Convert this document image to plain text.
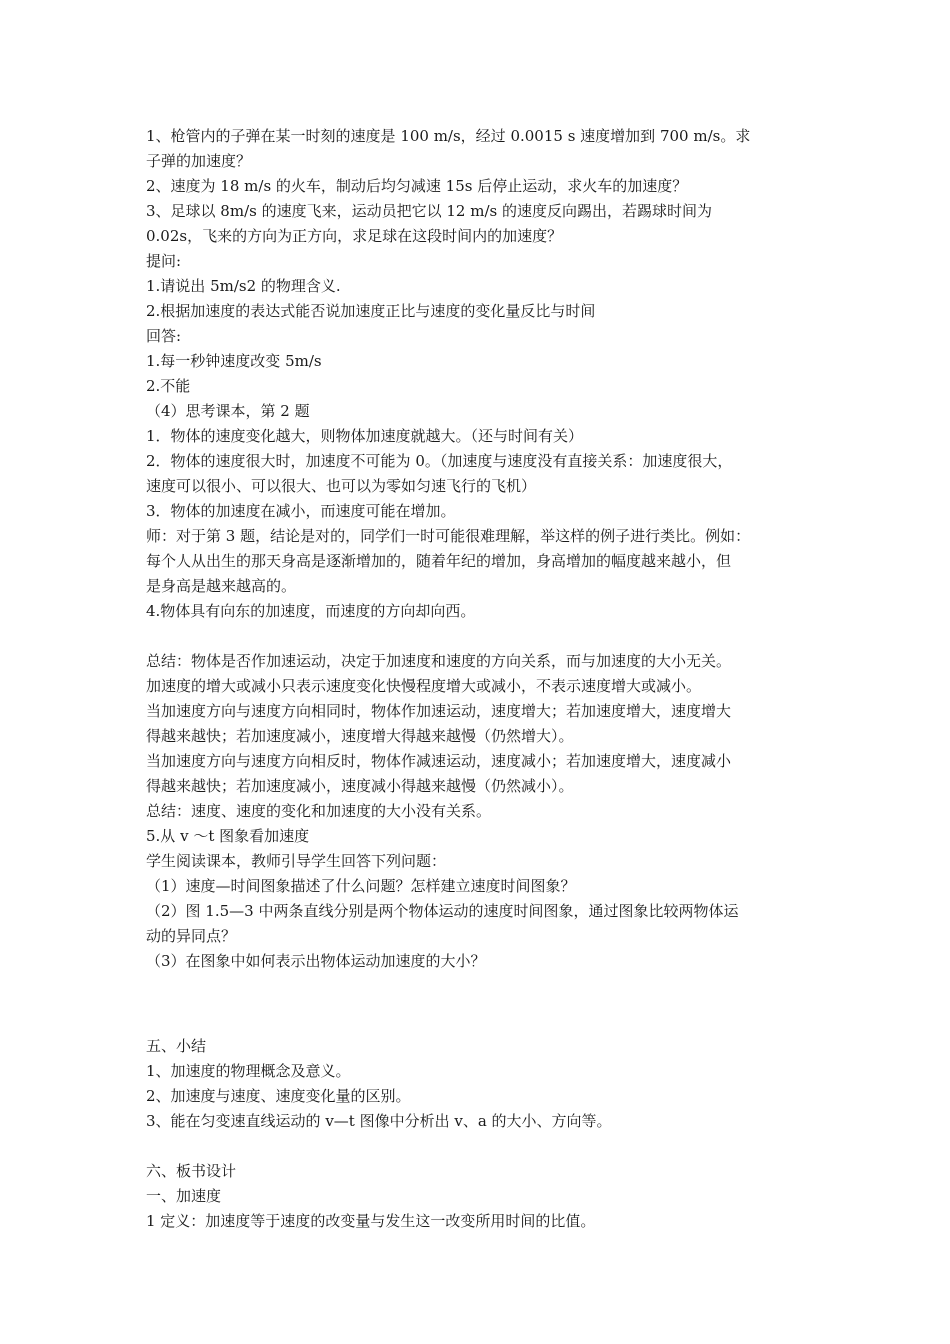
1、枪管内的子弹在某一时刻的速度是 100 m/s，经过 0.0015 s 速度增加到 700 m/s。求
子弹的加速度？
2、速度为 18 m/s 的火车，制动后均匀减速 15s 后停止运动，求火车的加速度？
3、足球以 8m/s 的速度飞来，运动员把它以 12 m/s 的速度反向踢出，若踢球时间为
0.02s，飞来的方向为正方向，求足球在这段时间内的加速度？
提问:
1.请说出 5m/s2 的物理含义.
2.根据加速度的表达式能否说加速度正比与速度的变化量反比与时间
回答:
1.每一秒钟速度改变 5m/s
2.不能
（4）思考课本，第 2 题
1．物体的速度变化越大，则物体加速度就越大。（还与时间有关）
2．物体的速度很大时，加速度不可能为 0。（加速度与速度没有直接关系：加速度很大，
速度可以很小、可以很大、也可以为零如匀速飞行的飞机）
3．物体的加速度在减小，而速度可能在增加。
师：对于第 3 题，结论是对的，同学们一时可能很难理解，举这样的例子进行类比。例如：
每个人从出生的那天身高是逐渐增加的，随着年纪的增加，身高增加的幅度越来越小，但
是身高是越来越高的。
4.物体具有向东的加速度，而速度的方向却向西。
总结：物体是否作加速运动，决定于加速度和速度的方向关系，而与加速度的大小无关。
加速度的增大或减小只表示速度变化快慢程度增大或减小，不表示速度增大或减小。
当加速度方向与速度方向相同时，物体作加速运动，速度增大；若加速度增大，速度增大
得越来越快；若加速度减小，速度增大得越来越慢（仍然增大）。
当加速度方向与速度方向相反时，物体作减速运动，速度减小；若加速度增大，速度减小
得越来越快；若加速度减小，速度减小得越来越慢（仍然减小）。
总结：速度、速度的变化和加速度的大小没有关系。
5.从 v ～t 图象看加速度
学生阅读课本，教师引导学生回答下列问题：
（1）速度—时间图象描述了什么问题？怎样建立速度时间图象？
（2）图 1.5—3 中两条直线分别是两个物体运动的速度时间图象，通过图象比较两物体运
动的异同点？
（3）在图象中如何表示出物体运动加速度的大小？
五、小结
1、加速度的物理概念及意义。
2、加速度与速度、速度变化量的区别。
3、能在匀变速直线运动的 v—t 图像中分析出 v、a 的大小、方向等。
六、板书设计
一、加速度
1 定义：加速度等于速度的改变量与发生这一改变所用时间的比值。
